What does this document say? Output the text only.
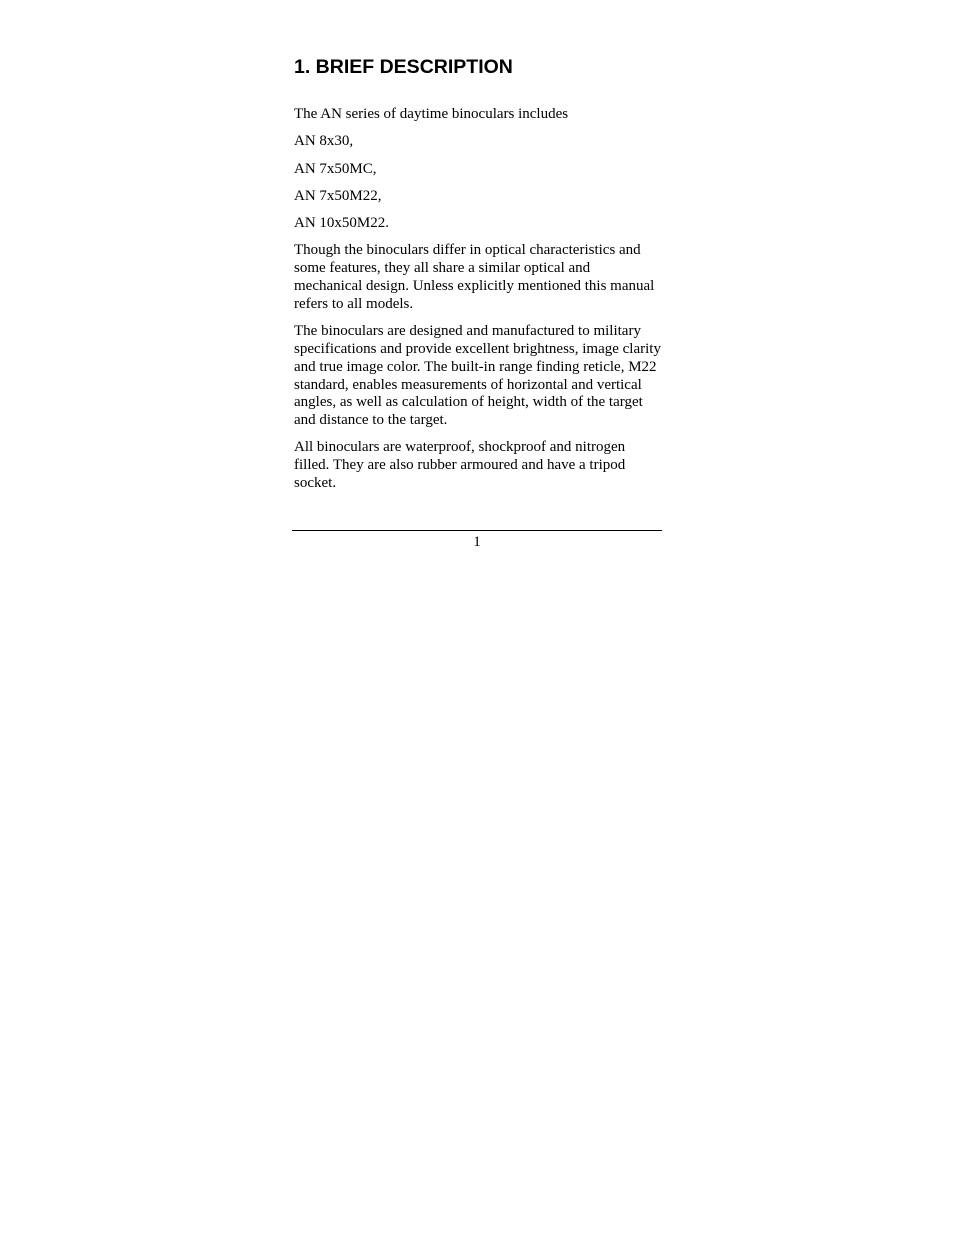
1. BRIEF DESCRIPTION

The AN series of daytime binoculars includes

AN 8x30,

AN 7x50MC,

AN 7x50M22,

AN 10x50M22.

Though the binoculars differ in optical characteristics and some features, they all share a similar optical and mechanical design. Unless explicitly mentioned this manual refers to all models.

The binoculars are designed and manufactured to military specifications and provide excellent brightness, image clarity and true image color. The built-in range finding reticle, M22 standard, enables measurements of horizontal and vertical angles, as well as calculation of height, width of the target and distance to the target.

All binoculars are waterproof, shockproof and nitrogen filled. They are also rubber armoured and have a tripod socket.

1
